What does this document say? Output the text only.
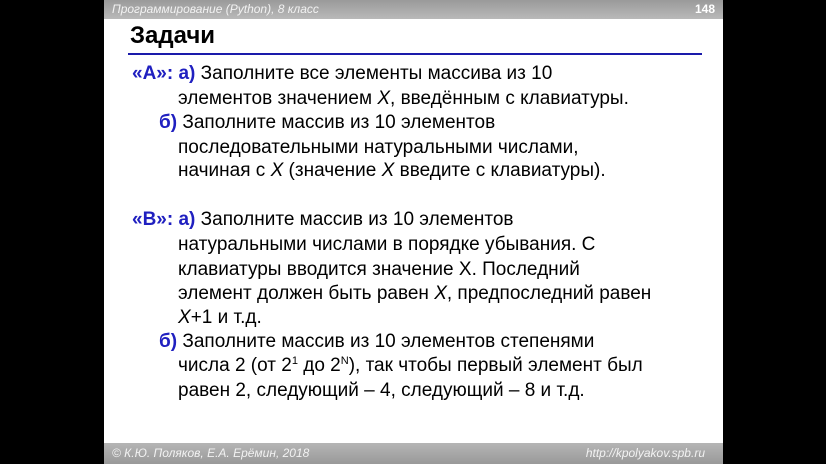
Программирование (Python), 8 класс	148
Задачи
«A»: а) Заполните все элементы массива из 10
элементов значением X, введённым с клавиатуры.
б) Заполните массив из 10 элементов
последовательными натуральными числами,
начиная с X (значение X введите с клавиатуры).
«B»: а) Заполните массив из 10 элементов
натуральными числами в порядке убывания. С
клавиатуры вводится значение X. Последний
элемент должен быть равен X, предпоследний равен
X+1 и т.д.
б) Заполните массив из 10 элементов степенями
числа 2 (от $2^1$ до $2^N$), так чтобы первый элемент был
равен 2, следующий – 4, следующий – 8 и т.д.
© К.Ю. Поляков, Е.А. Ерёмин, 2018	http://kpolyakov.spb.ru
